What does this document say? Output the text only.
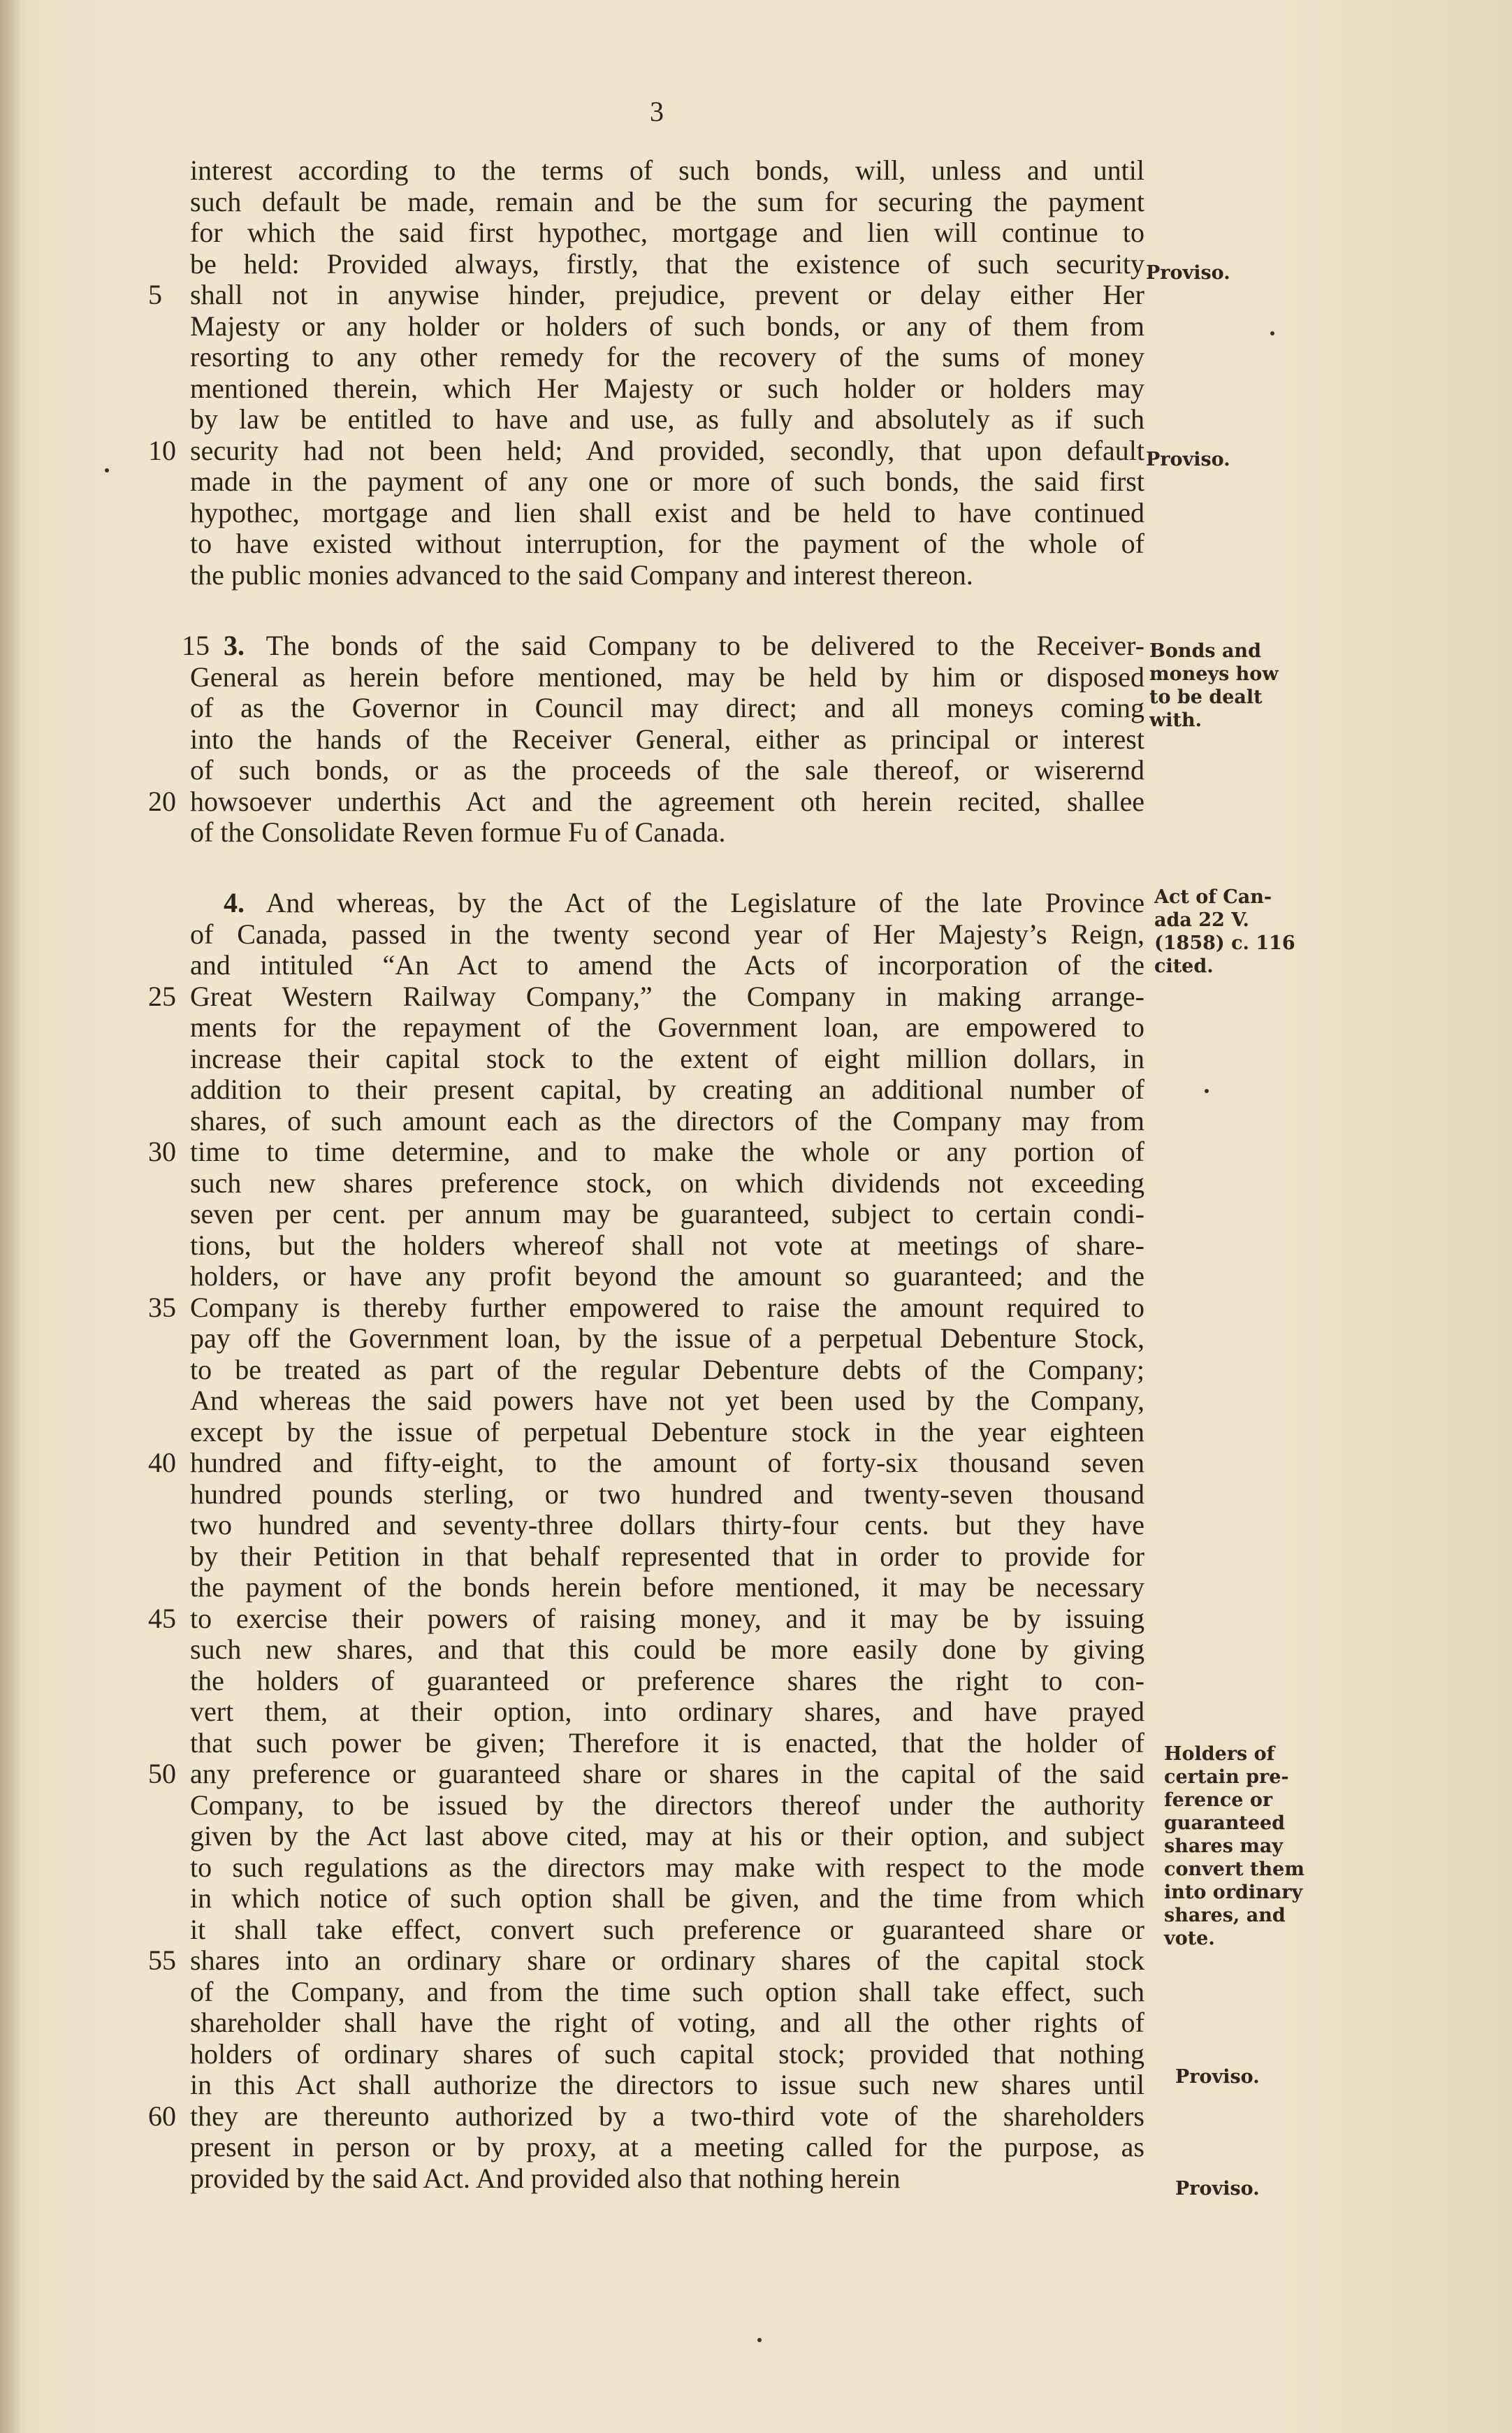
3
interest according to the terms of such bonds, will, unless and until
such default be made, remain and be the sum for securing the payment
for which the said first hypothec, mortgage and lien will continue to
be held: Provided always, firstly, that the existence of such security
5	shall not in anywise hinder, prejudice, prevent or delay either Her
Majesty or any holder or holders of such bonds, or any of them from
resorting to any other remedy for the recovery of the sums of money
mentioned therein, which Her Majesty or such holder or holders may
by law be entitled to have and use, as fully and absolutely as if such
10 security had not been held; And provided, secondly, that upon default
made in the payment of any one or more of such bonds, the said first
hypothec, mortgage and lien shall exist and be held to have continued
to have existed without interruption, for the payment of the whole of
the public monies advanced to the said Company and interest thereon.
15 3. The bonds of the said Company to be delivered to the Receiver-
General as herein before mentioned, may be held by him or disposed
of as the Governor in Council may direct; and all moneys coming
into the hands of the Receiver General, either as principal or interest
of such bonds, or as the proceeds of the sale thereof, or wiserernd
20 howsoever underthis Act and the agreement oth herein recited, shallee
of the Consolidate Reven formue Fu of Canada.
4. And whereas, by the Act of the Legislature of the late Province
of Canada, passed in the twenty second year of Her Majesty’s Reign,
and intituled “An Act to amend the Acts of incorporation of the
25 Great Western Railway Company,” the Company in making arrange-
ments for the repayment of the Government loan, are empowered to
increase their capital stock to the extent of eight million dollars, in
addition to their present capital, by creating an additional number of
shares, of such amount each as the directors of the Company may from
30 time to time determine, and to make the whole or any portion of
such new shares preference stock, on which dividends not exceeding
seven per cent. per annum may be guaranteed, subject to certain condi-
tions, but the holders whereof shall not vote at meetings of share-
holders, or have any profit beyond the amount so guaranteed; and the
35 Company is thereby further empowered to raise the amount required to
pay off the Government loan, by the issue of a perpetual Debenture Stock,
to be treated as part of the regular Debenture debts of the Company;
And whereas the said powers have not yet been used by the Company,
except by the issue of perpetual Debenture stock in the year eighteen
40 hundred and fifty-eight, to the amount of forty-six thousand seven
hundred pounds sterling, or two hundred and twenty-seven thousand
two hundred and seventy-three dollars thirty-four cents. but they have
by their Petition in that behalf represented that in order to provide for
the payment of the bonds herein before mentioned, it may be necessary
45 to exercise their powers of raising money, and it may be by issuing
such new shares, and that this could be more easily done by giving
the holders of guaranteed or preference shares the right to con-
vert them, at their option, into ordinary shares, and have prayed
that such power be given; Therefore it is enacted, that the holder of
50 any preference or guaranteed share or shares in the capital of the said
Company, to be issued by the directors thereof under the authority
given by the Act last above cited, may at his or their option, and subject
to such regulations as the directors may make with respect to the mode
in which notice of such option shall be given, and the time from which
it shall take effect, convert such preference or guaranteed share or
55 shares into an ordinary share or ordinary shares of the capital stock
of the Company, and from the time such option shall take effect, such
shareholder shall have the right of voting, and all the other rights of
holders of ordinary shares of such capital stock; provided that nothing
in this Act shall authorize the directors to issue such new shares until
60 they are thereunto authorized by a two-third vote of the shareholders
present in person or by proxy, at a meeting called for the purpose, as
provided by the said Act. And provided also that nothing herein
Proviso.
Proviso.
Bonds and
moneys how
to be dealt
with.
Act of Can-
ada 22 V.
(1858) c. 116
cited.
Holders of
certain pre-
ference or
guaranteed
shares may
convert them
into ordinary
shares, and
vote.
Proviso.
Proviso.
